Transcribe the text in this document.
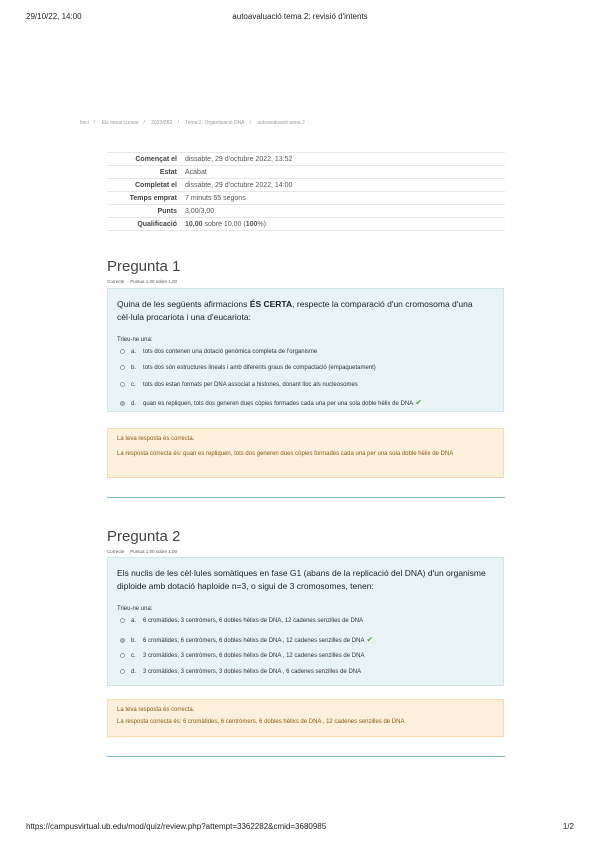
29/10/22, 14:00	autoavaluació tema 2: revisió d'intents
Inici / Els meus cursos / 2023/0B2 / Tema 2. Organització DNA / autoavaluació tema 2
Començat el	dissabte, 29 d’octubre 2022, 13:52
Estat	Acabat
Completat el	dissabte, 29 d’octubre 2022, 14:00
Temps emprat	7 minuts 55 segons
Punts	3,00/3,00
Qualificació	10,00 sobre 10,00 (100%)
Pregunta 1
Correcte Puntua 1,00 sobre 1,00
Quina de les següents afirmacions ÉS CERTA, respecte la comparació d'un cromosoma d'una cèl·lula procariota i una d'eucariota:
Trieu-ne una:
a. tots dos contenen una dotació genòmica completa de l'organisme
b. tots dos són estructures lineals i amb diferents graus de compactació (empaquetament)
c. tots dos estan formats per DNA associat a histones, donant lloc als nucleosomes
d. quan es repliquen, tots dos generen dues còpies formades cada una per una sola doble hèlix de DNA ✔
La teva resposta és correcta.
La resposta correcta és: quan es repliquen, tots dos generen dues còpies formades cada una per una sola doble hèlix de DNA
Pregunta 2
Correcte Puntua 1,00 sobre 1,00
Els nuclis de les cèl·lules somàtiques en fase G1 (abans de la replicació del DNA) d'un organisme diploide amb dotació haploide n=3, o sigui de 3 cromosomes, tenen:
Trieu-ne una:
a. 6 cromàtides, 3 centròmers, 6 dobles hèlixs de DNA, 12 cadenes senzilles de DNA
b. 6 cromàtides, 6 centròmers, 6 dobles hèlixs de DNA , 12 cadenes senzilles de DNA ✔
c. 3 cromàtides, 3 centròmers, 6 dobles hèlixs de DNA , 12 cadenes senzilles de DNA
d. 3 cromàtides, 3 centròmers, 3 dobles hèlixs de DNA , 6 cadenes senzilles de DNA
La teva resposta és correcta.
La resposta correcta és: 6 cromàtides, 6 centròmers, 6 dobles hèlixs de DNA , 12 cadenes senzilles de DNA
https://campusvirtual.ub.edu/mod/quiz/review.php?attempt=3362282&cmid=3680985	1/2
